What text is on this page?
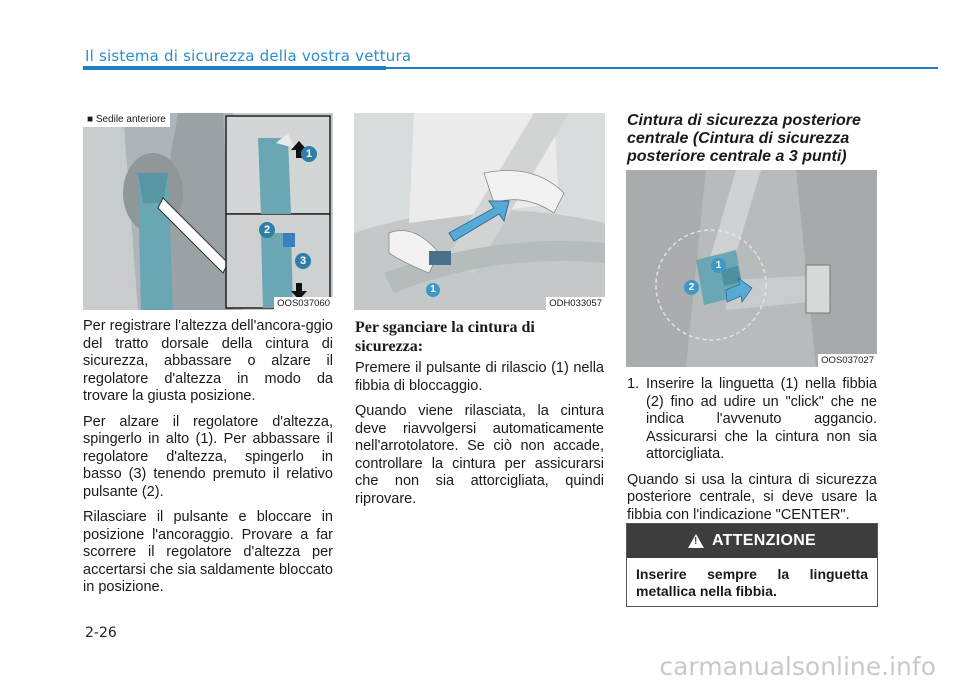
Il sistema di sicurezza della vostra vettura
■ Sedile anteriore
1
2
3
OOS037060
1
ODH033057
1
2
OOS037027

Per registrare l'altezza dell'ancora-ggio del tratto dorsale della cintura di sicurezza, abbassare o alzare il regolatore d'altezza in modo da trovare la giusta posizione.

Per alzare il regolatore d'altezza, spingerlo in alto (1). Per abbassare il regolatore d'altezza, spingerlo in basso (3) tenendo premuto il relativo pulsante (2).

Rilasciare il pulsante e bloccare in posizione l'ancoraggio. Provare a far scorrere il regolatore d'altezza per accertarsi che sia saldamente bloccato in posizione.

Per sganciare la cintura di sicurezza:

Premere il pulsante di rilascio (1) nella fibbia di bloccaggio.

Quando viene rilasciata, la cintura deve riavvolgersi automaticamente nell'arrotolatore. Se ciò non accade, controllare la cintura per assicurarsi che non sia attorcigliata, quindi riprovare.

Cintura di sicurezza posteriore centrale (Cintura di sicurezza posteriore centrale a 3 punti)
1. Inserire la linguetta (1) nella fibbia (2) fino ad udire un "click" che ne indica l'avvenuto aggancio. Assicurarsi che la cintura non sia attorcigliata.

Quando si usa la cintura di sicurezza posteriore centrale, si deve usare la fibbia con l'indicazione "CENTER".

! ATTENZIONE
Inserire sempre la linguetta metallica nella fibbia.
2-26
carmanualsonline.info
